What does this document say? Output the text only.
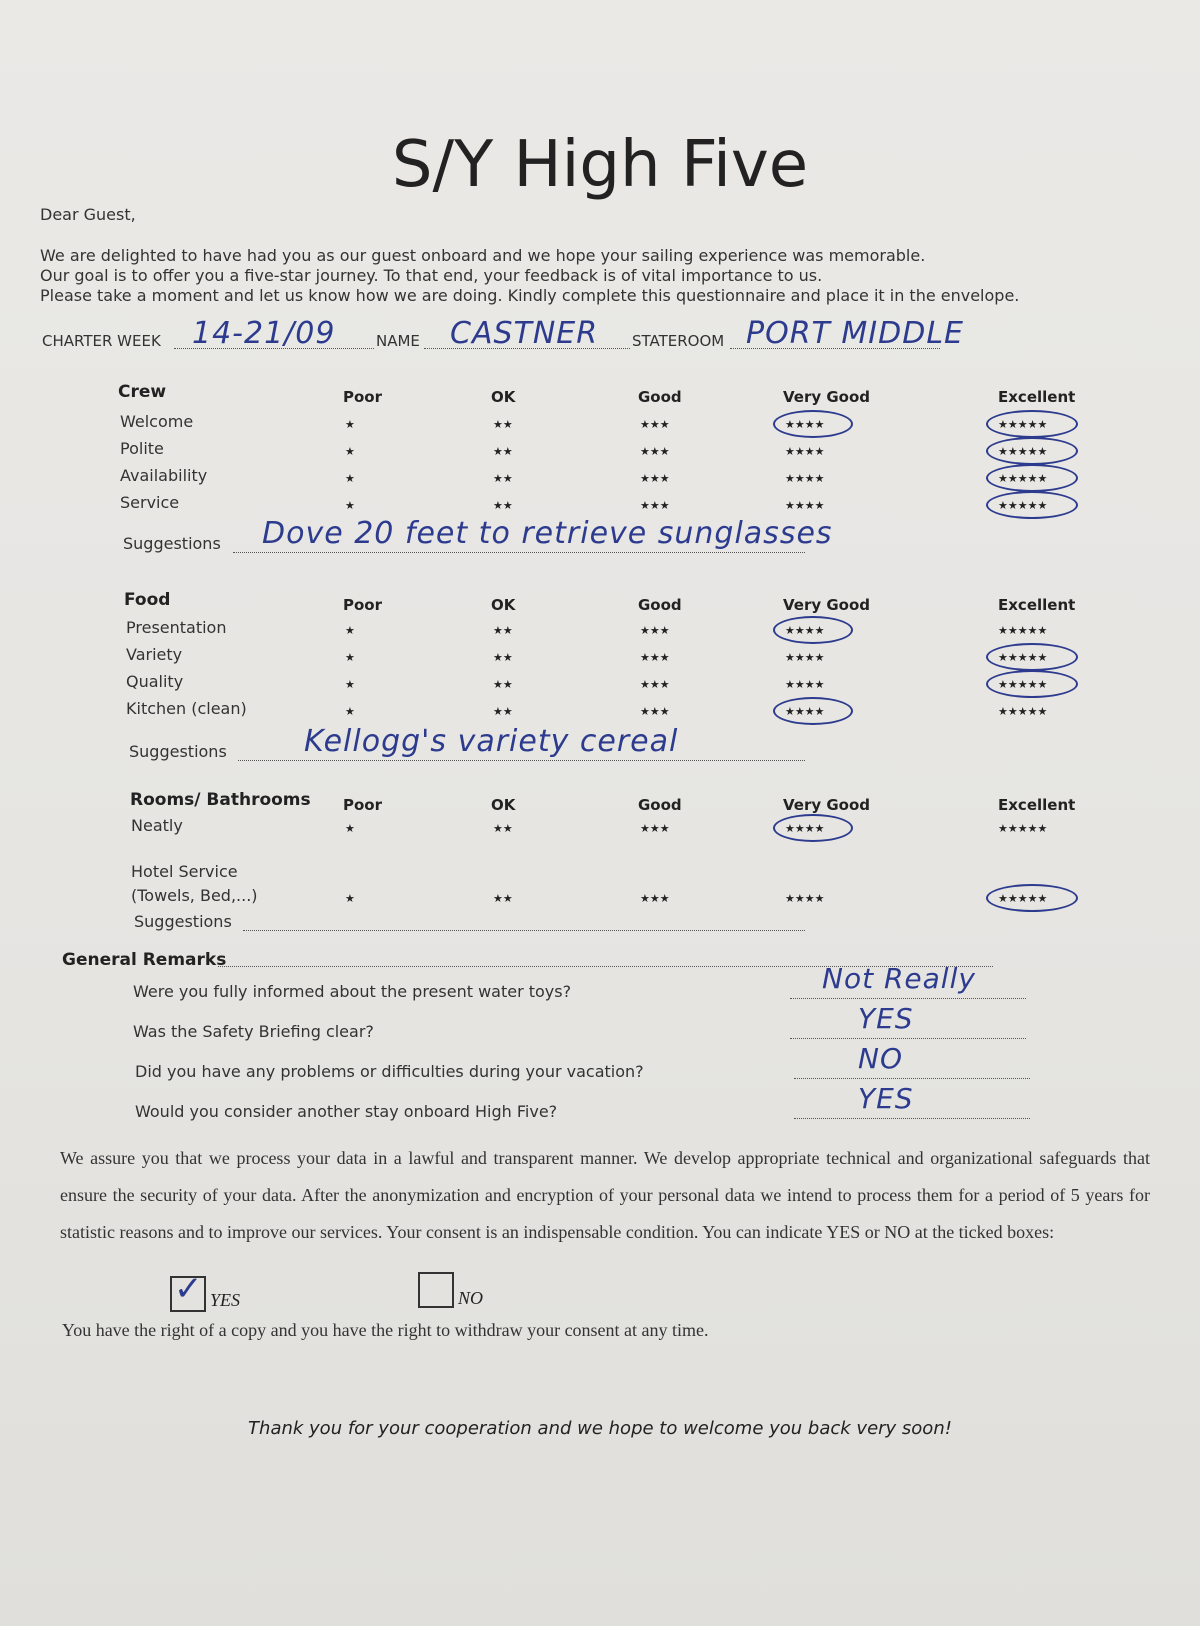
S/Y High Five
Dear Guest,
We are delighted to have had you as our guest onboard and we hope your sailing experience was memorable.
Our goal is to offer you a five-star journey. To that end, your feedback is of vital importance to us.
Please take a moment and let us know how we are doing. Kindly complete this questionnaire and place it in the envelope.
CHARTER WEEK 14-21/09	NAME CASTNER STATEROOM PORT MIDDLE
Crew	Poor	OK	Good	Very Good	Excellent
Welcome	★	★★	★★★	★★★★	★★★★★
Polite	★	★★	★★★	★★★★	★★★★★
Availability	★	★★	★★★	★★★★	★★★★★
Service	★	★★	★★★	★★★★	★★★★★
Suggestions Dove 20 feet to retrieve sunglasses
Food	Poor	OK	Good	Very Good	Excellent
Presentation	★	★★	★★★	★★★★	★★★★★
Variety	★	★★	★★★	★★★★	★★★★★
Quality	★	★★	★★★	★★★★	★★★★★
Kitchen (clean)	★	★★	★★★	★★★★	★★★★★
Suggestions	Kellogg's variety cereal
Rooms/ Bathrooms Poor	OK	Good	Very Good	Excellent
Neatly	★	★★	★★★	★★★★	★★★★★
Hotel Service
(Towels, Bed,...)	★	★★	★★★	★★★★	★★★★★
Suggestions
General Remarks
Were you fully informed about the present water toys?	Not Really
Was the Safety Briefing clear?	YES
Did you have any problems or difficulties during your vacation?	NO
Would you consider another stay onboard High Five?	YES
We assure you that we process your data in a lawful and transparent manner. We develop appropriate technical and organizational safeguards that ensure the security of your data. After the anonymization and encryption of your personal data we intend to process them for a period of 5 years for statistic reasons and to improve our services. Your consent is an indispensable condition. You can indicate YES or NO at the ticked boxes:
✓ YES	NO
You have the right of a copy and you have the right to withdraw your consent at any time.
Thank you for your cooperation and we hope to welcome you back very soon!
